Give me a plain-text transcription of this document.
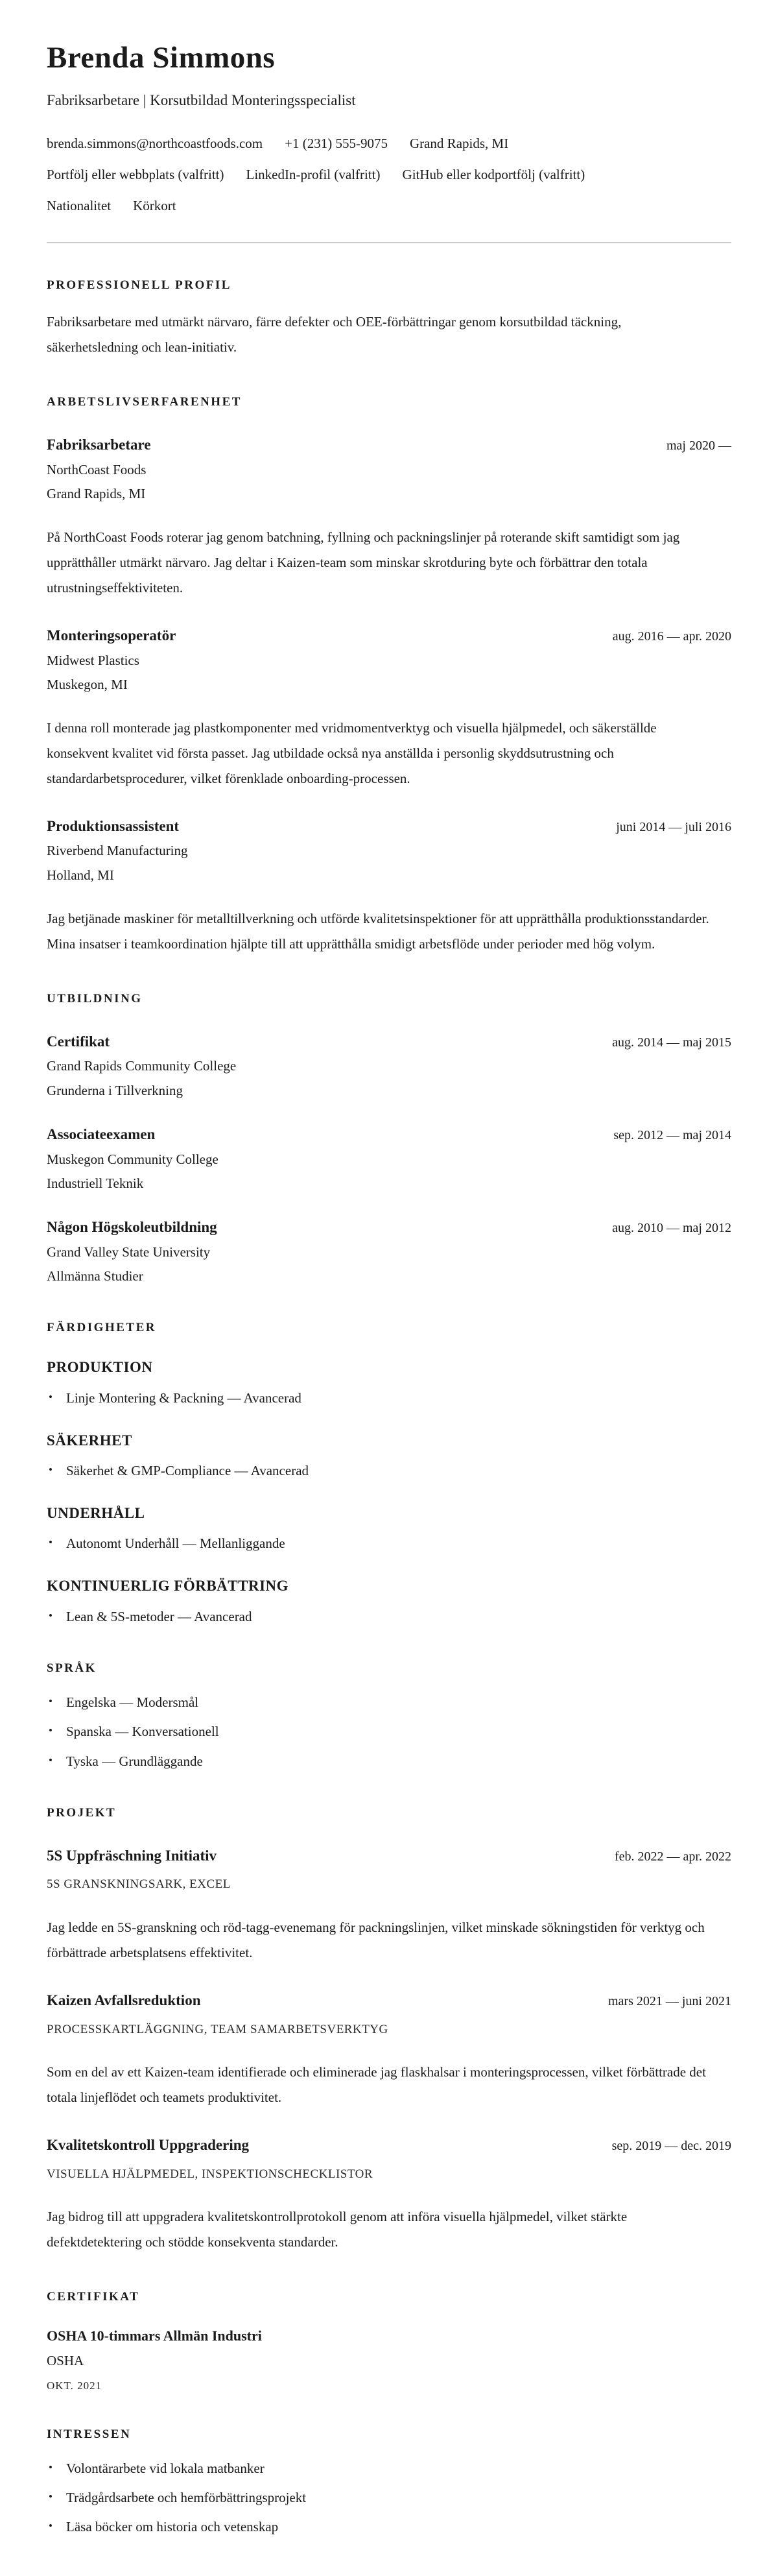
Brenda Simmons
Fabriksarbetare | Korsutbildad Monteringsspecialist
brenda.simmons@northcoastfoods.com +1 (231) 555-9075 Grand Rapids, MI
Portfölj eller webbplats (valfritt) LinkedIn-profil (valfritt) GitHub eller kodportfölj (valfritt)
Nationalitet Körkort
PROFESSIONELL PROFIL

Fabriksarbetare med utmärkt närvaro, färre defekter och OEE-förbättringar genom korsutbildad täckning, säkerhetsledning och lean-initiativ.

ARBETSLIVSERFARENHET
Fabriksarbetare	maj 2020 —
NorthCoast Foods
Grand Rapids, MI

På NorthCoast Foods roterar jag genom batchning, fyllning och packningslinjer på roterande skift samtidigt som jag upprätthåller utmärkt närvaro. Jag deltar i Kaizen-team som minskar skrotduring byte och förbättrar den totala utrustningseffektiviteten.

Monteringsoperatör	aug. 2016 — apr. 2020
Midwest Plastics
Muskegon, MI

I denna roll monterade jag plastkomponenter med vridmomentverktyg och visuella hjälpmedel, och säkerställde konsekvent kvalitet vid första passet. Jag utbildade också nya anställda i personlig skyddsutrustning och standardarbetsprocedurer, vilket förenklade onboarding-processen.

Produktionsassistent	juni 2014 — juli 2016
Riverbend Manufacturing
Holland, MI

Jag betjänade maskiner för metalltillverkning och utförde kvalitetsinspektioner för att upprätthålla produktionsstandarder. Mina insatser i teamkoordination hjälpte till att upprätthålla smidigt arbetsflöde under perioder med hög volym.

UTBILDNING
Certifikat	aug. 2014 — maj 2015
Grand Rapids Community College
Grunderna i Tillverkning
Associateexamen	sep. 2012 — maj 2014
Muskegon Community College
Industriell Teknik
Någon Högskoleutbildning	aug. 2010 — maj 2012
Grand Valley State University
Allmänna Studier
FÄRDIGHETER
PRODUKTION
• Linje Montering & Packning — Avancerad
SÄKERHET
• Säkerhet & GMP-Compliance — Avancerad
UNDERHÅLL
• Autonomt Underhåll — Mellanliggande
KONTINUERLIG FÖRBÄTTRING
• Lean & 5S-metoder — Avancerad
SPRÅK
• Engelska — Modersmål
• Spanska — Konversationell
• Tyska — Grundläggande
PROJEKT
5S Uppfräschning Initiativ	feb. 2022 — apr. 2022
5S GRANSKNINGSARK, EXCEL

Jag ledde en 5S-granskning och röd-tagg-evenemang för packningslinjen, vilket minskade sökningstiden för verktyg och förbättrade arbetsplatsens effektivitet.

Kaizen Avfallsreduktion	mars 2021 — juni 2021
PROCESSKARTLÄGGNING, TEAM SAMARBETSVERKTYG

Som en del av ett Kaizen-team identifierade och eliminerade jag flaskhalsar i monteringsprocessen, vilket förbättrade det totala linjeflödet och teamets produktivitet.

Kvalitetskontroll Uppgradering	sep. 2019 — dec. 2019
VISUELLA HJÄLPMEDEL, INSPEKTIONSCHECKLISTOR

Jag bidrog till att uppgradera kvalitetskontrollprotokoll genom att införa visuella hjälpmedel, vilket stärkte defektdetektering och stödde konsekventa standarder.

CERTIFIKAT
OSHA 10-timmars Allmän Industri
OSHA
OKT. 2021
INTRESSEN
• Volontärarbete vid lokala matbanker
• Trädgårdsarbete och hemförbättringsprojekt
• Läsa böcker om historia och vetenskap
